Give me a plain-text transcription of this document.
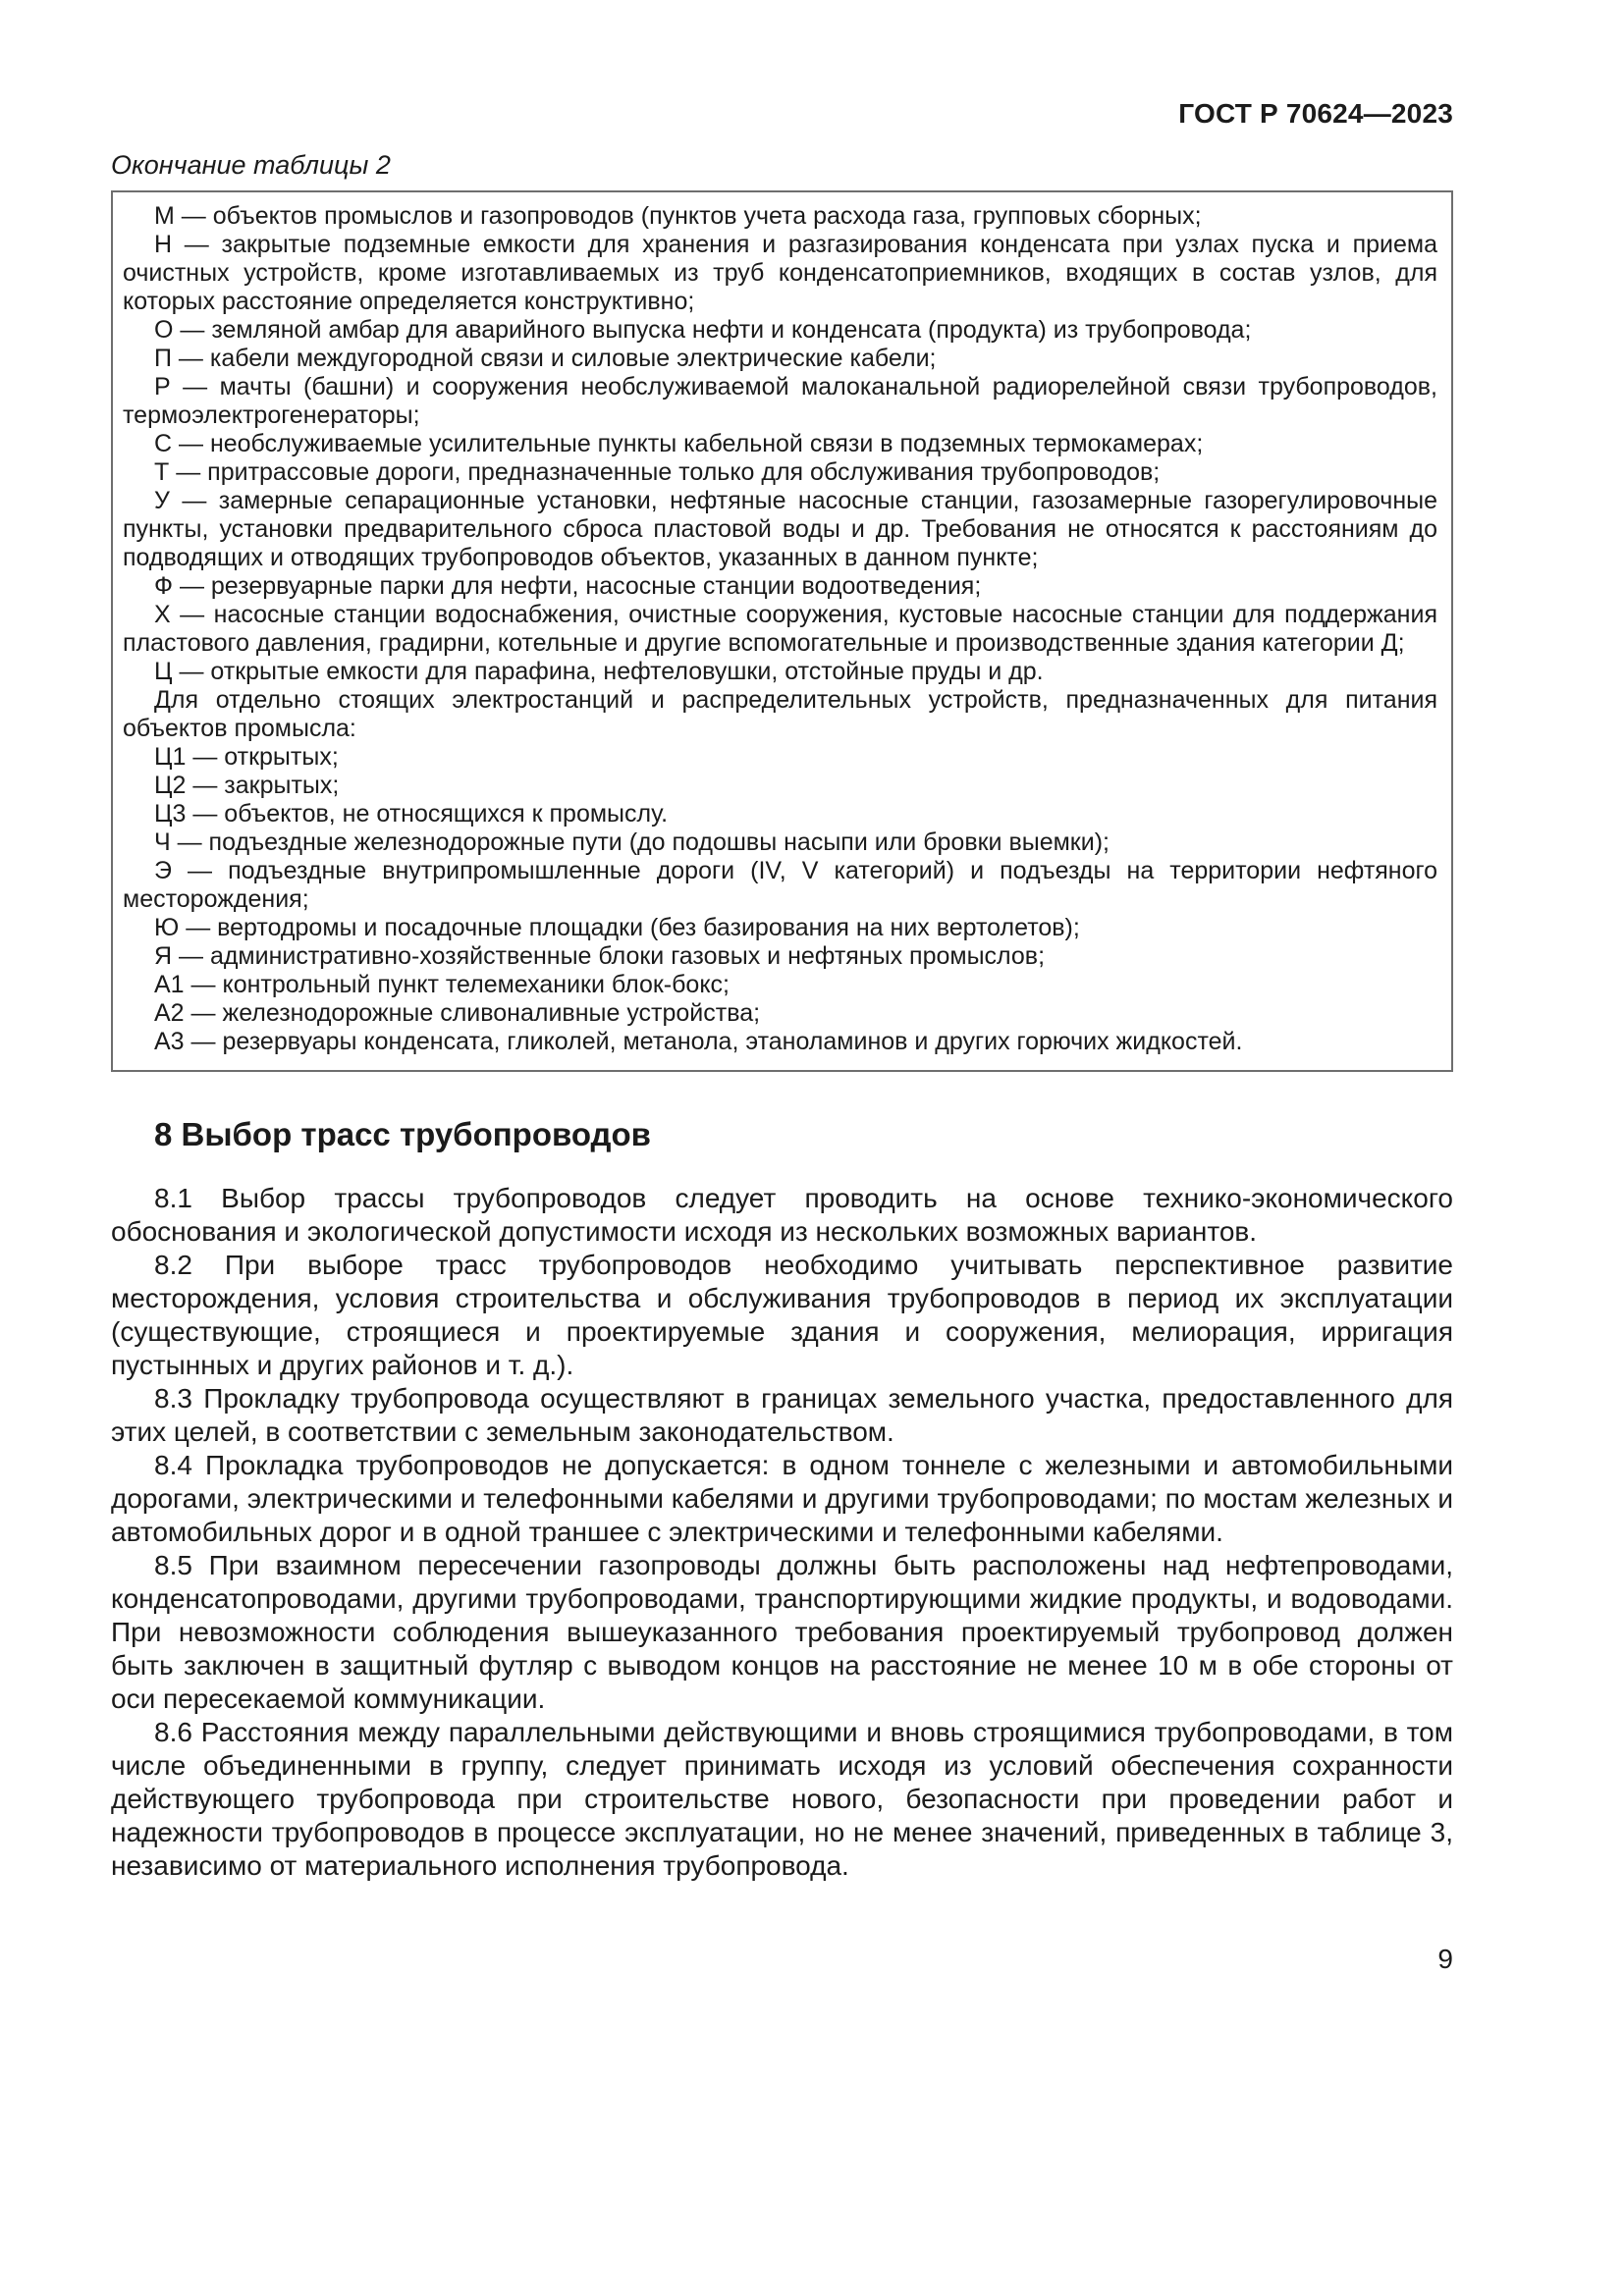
ГОСТ Р 70624—2023
Окончание таблицы 2

М — объектов промыслов и газопроводов (пунктов учета расхода газа, групповых сборных;

Н — закрытые подземные емкости для хранения и разгазирования конденсата при узлах пуска и приема очистных устройств, кроме изготавливаемых из труб конденсатоприемников, входящих в состав узлов, для которых расстояние определяется конструктивно;

О — земляной амбар для аварийного выпуска нефти и конденсата (продукта) из трубопровода;

П — кабели междугородной связи и силовые электрические кабели;

Р — мачты (башни) и сооружения необслуживаемой малоканальной радиорелейной связи трубопроводов, термоэлектрогенераторы;

С — необслуживаемые усилительные пункты кабельной связи в подземных термокамерах;

Т — притрассовые дороги, предназначенные только для обслуживания трубопроводов;

У — замерные сепарационные установки, нефтяные насосные станции, газозамерные газорегулировочные пункты, установки предварительного сброса пластовой воды и др. Требования не относятся к расстояниям до подводящих и отводящих трубопроводов объектов, указанных в данном пункте;

Ф — резервуарные парки для нефти, насосные станции водоотведения;

Х — насосные станции водоснабжения, очистные сооружения, кустовые насосные станции для поддержания пластового давления, градирни, котельные и другие вспомогательные и производственные здания категории Д;

Ц — открытые емкости для парафина, нефтеловушки, отстойные пруды и др.

Для отдельно стоящих электростанций и распределительных устройств, предназначенных для питания объектов промысла:

Ц1 — открытых;

Ц2 — закрытых;

Ц3 — объектов, не относящихся к промыслу.

Ч — подъездные железнодорожные пути (до подошвы насыпи или бровки выемки);

Э — подъездные внутрипромышленные дороги (IV, V категорий) и подъезды на территории нефтяного месторождения;

Ю — вертодромы и посадочные площадки (без базирования на них вертолетов);

Я — административно-хозяйственные блоки газовых и нефтяных промыслов;

А1 — контрольный пункт телемеханики блок-бокс;

А2 — железнодорожные сливоналивные устройства;

А3 — резервуары конденсата, гликолей, метанола, этаноламинов и других горючих жидкостей.

8 Выбор трасс трубопроводов

8.1 Выбор трассы трубопроводов следует проводить на основе технико-экономического обоснования и экологической допустимости исходя из нескольких возможных вариантов.

8.2 При выборе трасс трубопроводов необходимо учитывать перспективное развитие месторождения, условия строительства и обслуживания трубопроводов в период их эксплуатации (существующие, строящиеся и проектируемые здания и сооружения, мелиорация, ирригация пустынных и других районов и т. д.).

8.3 Прокладку трубопровода осуществляют в границах земельного участка, предоставленного для этих целей, в соответствии с земельным законодательством.

8.4 Прокладка трубопроводов не допускается: в одном тоннеле с железными и автомобильными дорогами, электрическими и телефонными кабелями и другими трубопроводами; по мостам железных и автомобильных дорог и в одной траншее с электрическими и телефонными кабелями.

8.5 При взаимном пересечении газопроводы должны быть расположены над нефтепроводами, конденсатопроводами, другими трубопроводами, транспортирующими жидкие продукты, и водоводами. При невозможности соблюдения вышеуказанного требования проектируемый трубопровод должен быть заключен в защитный футляр с выводом концов на расстояние не менее 10 м в обе стороны от оси пересекаемой коммуникации.

8.6 Расстояния между параллельными действующими и вновь строящимися трубопроводами, в том числе объединенными в группу, следует принимать исходя из условий обеспечения сохранности действующего трубопровода при строительстве нового, безопасности при проведении работ и надежности трубопроводов в процессе эксплуатации, но не менее значений, приведенных в таблице 3, независимо от материального исполнения трубопровода.

9
